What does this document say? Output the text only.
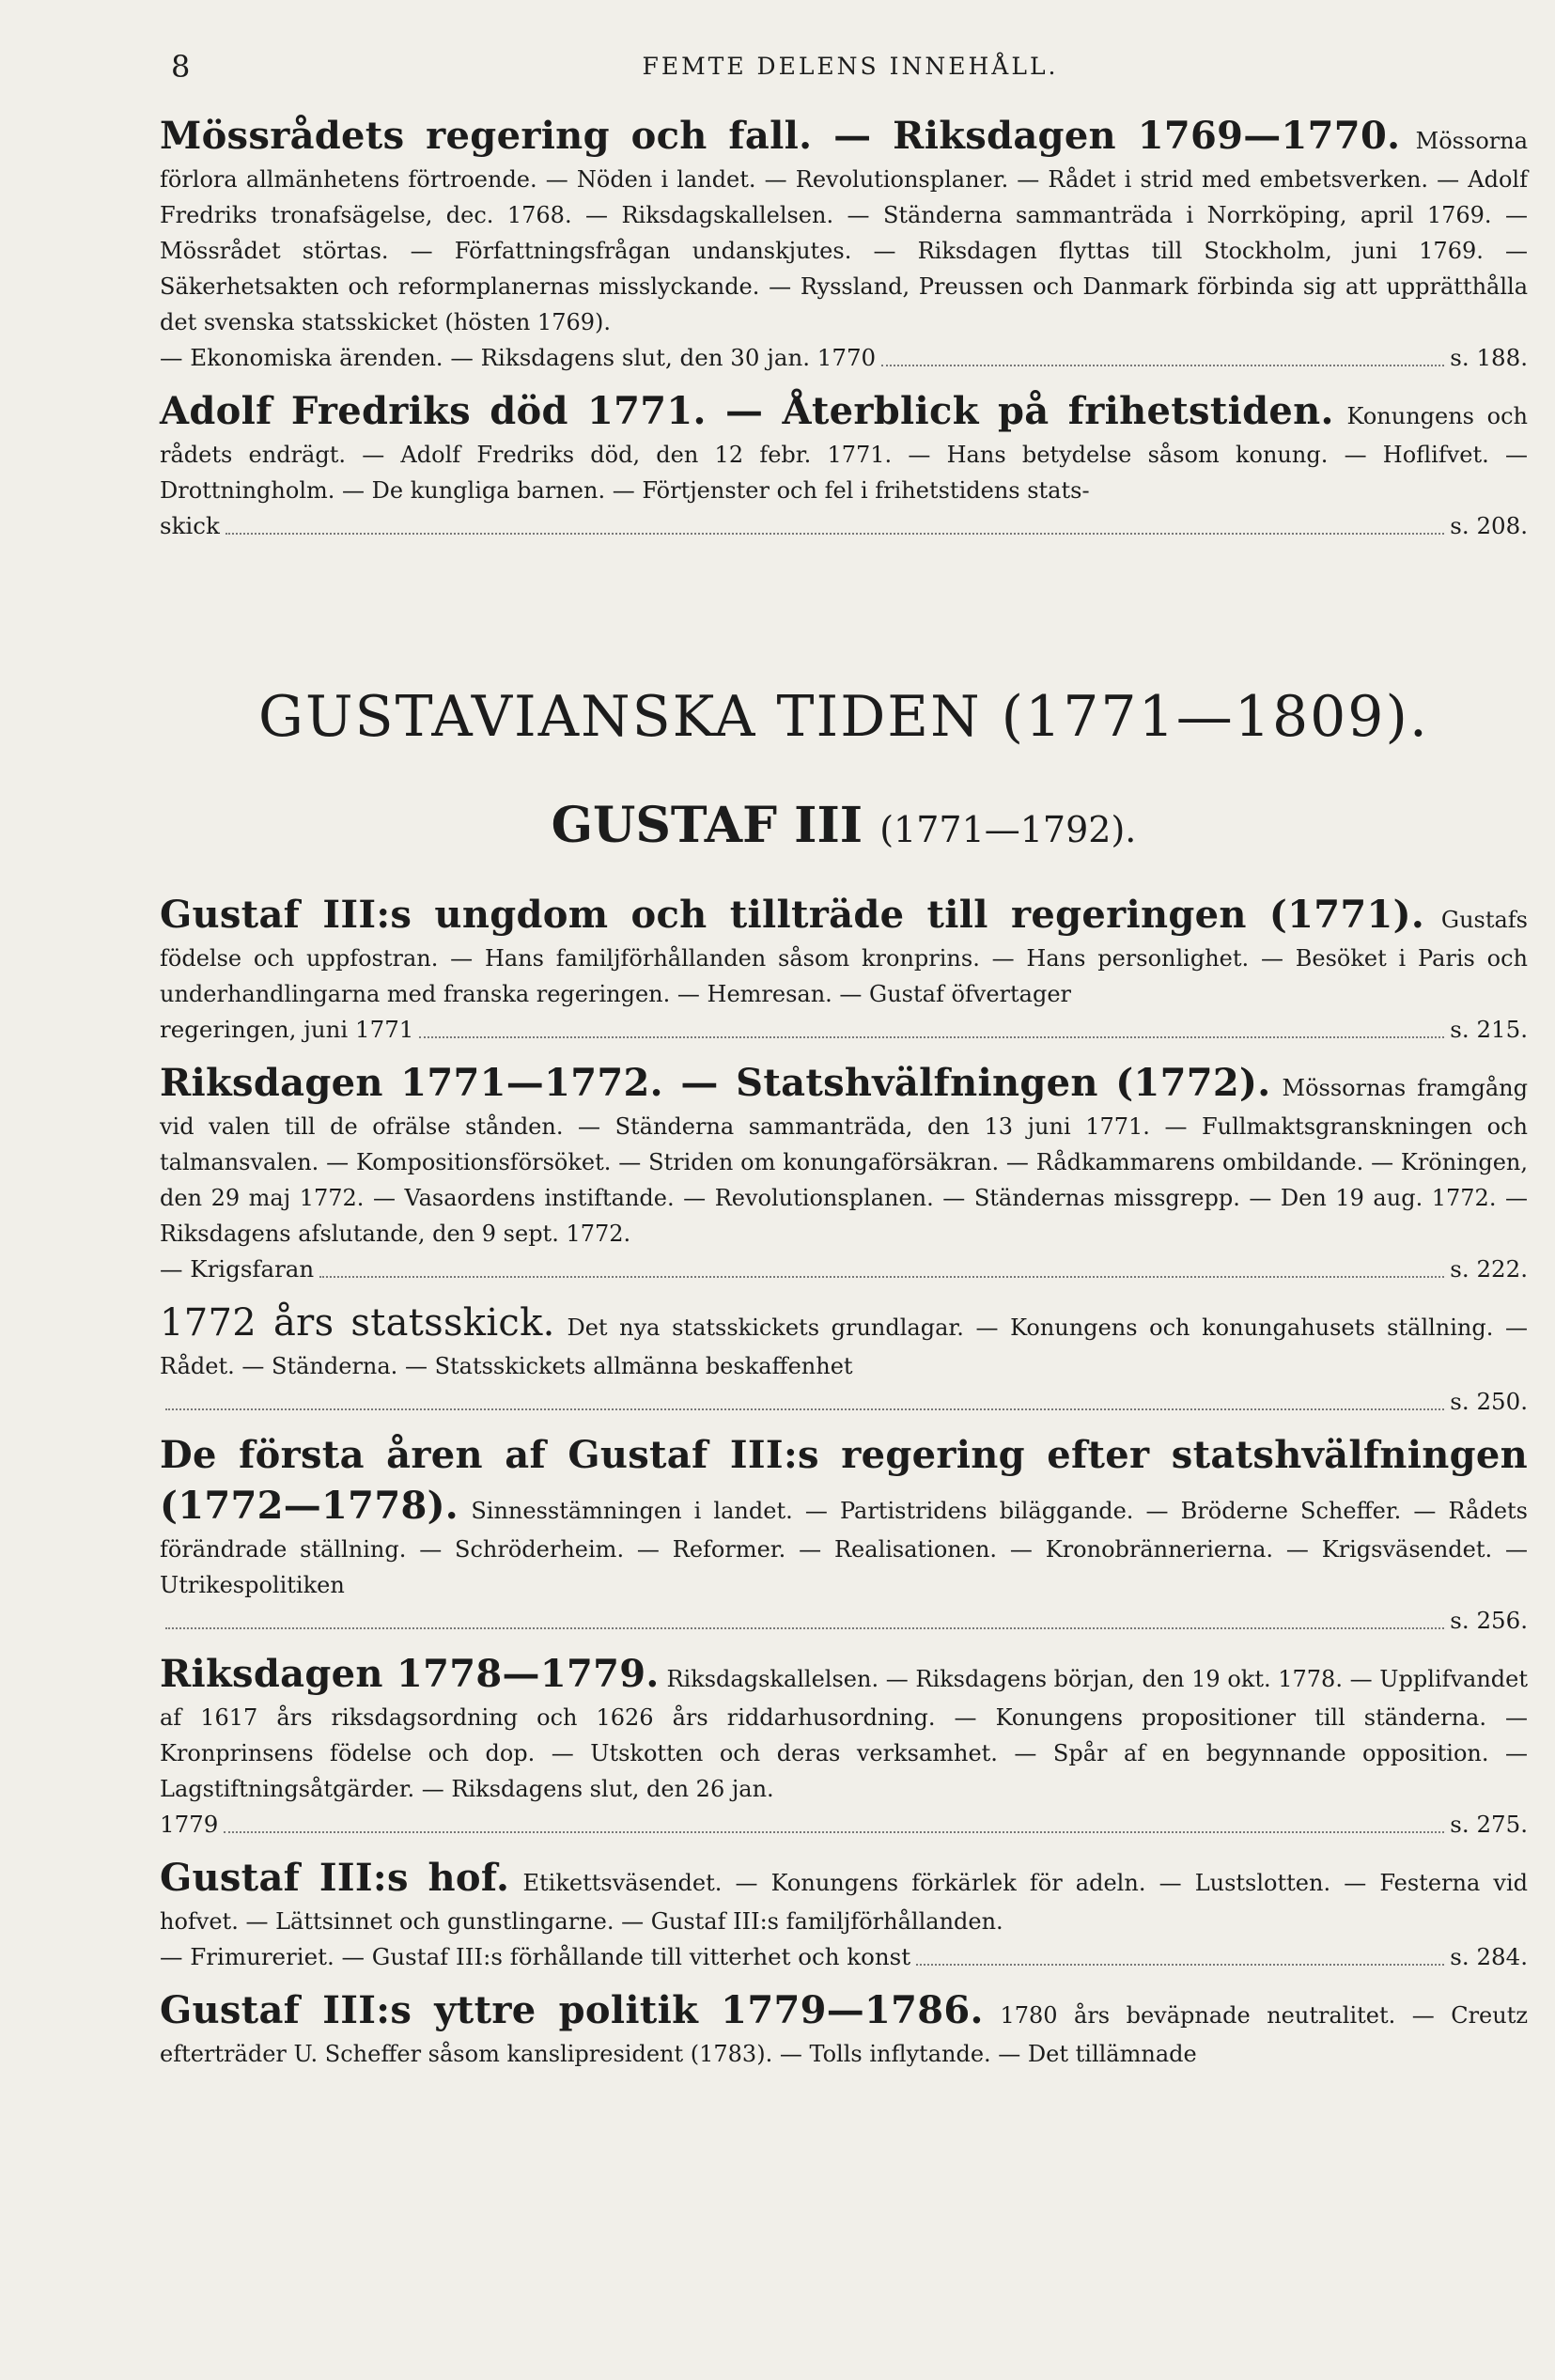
8	FEMTE DELENS INNEHÅLL.
Mössrådets regering och fall. — Riksdagen 1769—1770. Mössorna förlora allmänhetens förtroende. — Nöden i landet. — Revolutionsplaner. — Rådet i strid med embetsverken. — Adolf Fredriks tronafsägelse, dec. 1768. — Riksdagskallelsen. — Ständerna sammanträda i Norrköping, april 1769. — Mössrådet störtas. — Författningsfrågan undanskjutes. — Riksdagen flyttas till Stockholm, juni 1769. — Säkerhetsakten och reformplanernas misslyckande. — Ryssland, Preussen och Danmark förbinda sig att upprätthålla det svenska statsskicket (hösten 1769).
— Ekonomiska ärenden. — Riksdagens slut, den 30 jan. 1770	s. 188.
Adolf Fredriks död 1771. — Återblick på frihetstiden. Konungens och rådets endrägt. — Adolf Fredriks död, den 12 febr. 1771. — Hans betydelse såsom konung. — Hoflifvet. — Drottningholm. — De kungliga barnen. — Förtjenster och fel i frihetstidens stats-
skick	s. 208.
GUSTAVIANSKA TIDEN (1771—1809).
GUSTAF III (1771—1792).
Gustaf III:s ungdom och tillträde till regeringen (1771). Gustafs födelse och uppfostran. — Hans familjförhållanden såsom kronprins. — Hans personlighet. — Besöket i Paris och underhandlingarna med franska regeringen. — Hemresan. — Gustaf öfvertager
regeringen, juni 1771	s. 215.
Riksdagen 1771—1772. — Statshvälfningen (1772). Mössornas framgång vid valen till de ofrälse stånden. — Ständerna sammanträda, den 13 juni 1771. — Fullmaktsgranskningen och talmansvalen. — Kompositionsförsöket. — Striden om konungaförsäkran. — Rådkammarens ombildande. — Kröningen, den 29 maj 1772. — Vasaordens instiftande. — Revolutionsplanen. — Ständernas missgrepp. — Den 19 aug. 1772. — Riksdagens afslutande, den 9 sept. 1772.
— Krigsfaran	s. 222.
1772 års statsskick. Det nya statsskickets grundlagar. — Konungens och konungahusets ställning. — Rådet. — Ständerna. — Statsskickets allmänna beskaffenhet
s. 250.
De första åren af Gustaf III:s regering efter statshvälfningen (1772—1778). Sinnesstämningen i landet. — Partistridens biläggande. — Bröderne Scheffer. — Rådets förändrade ställning. — Schröderheim. — Reformer. — Realisationen. — Kronobrännerierna. — Krigsväsendet. — Utrikespolitiken
s. 256.
Riksdagen 1778—1779. Riksdagskallelsen. — Riksdagens början, den 19 okt. 1778. — Upplifvandet af 1617 års riksdagsordning och 1626 års riddarhusordning. — Konungens propositioner till ständerna. — Kronprinsens födelse och dop. — Utskotten och deras verksamhet. — Spår af en begynnande opposition. — Lagstiftningsåtgärder. — Riksdagens slut, den 26 jan.
1779	s. 275.
Gustaf III:s hof. Etikettsväsendet. — Konungens förkärlek för adeln. — Lustslotten. — Festerna vid hofvet. — Lättsinnet och gunstlingarne. — Gustaf III:s familjförhållanden.
— Frimureriet. — Gustaf III:s förhållande till vitterhet och konst	s. 284.
Gustaf III:s yttre politik 1779—1786. 1780 års beväpnade neutralitet. — Creutz efterträder U. Scheffer såsom kanslipresident (1783). — Tolls inflytande. — Det tillämnade
